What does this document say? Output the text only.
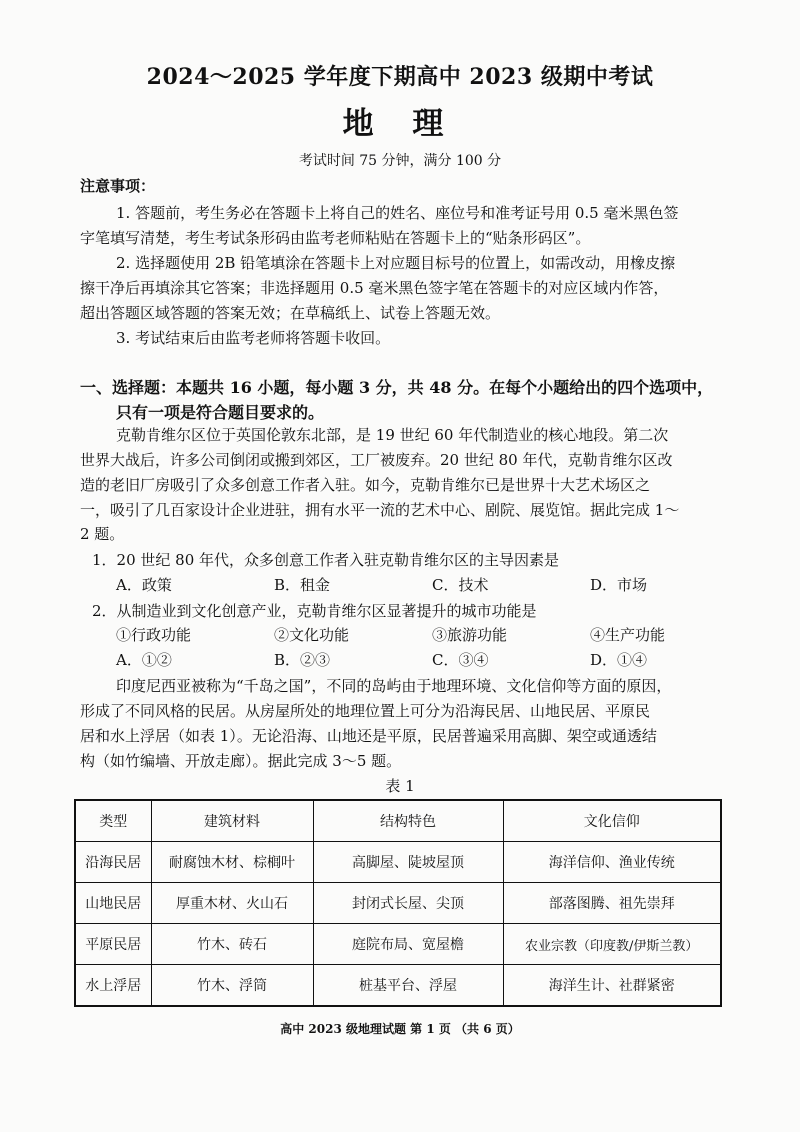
2024～2025 学年度下期高中 2023 级期中考试
地 理
考试时间 75 分钟，满分 100 分
注意事项：
1. 答题前，考生务必在答题卡上将自己的姓名、座位号和准考证号用 0.5 毫米黑色签
字笔填写清楚，考生考试条形码由监考老师粘贴在答题卡上的“贴条形码区”。
2. 选择题使用 2B 铅笔填涂在答题卡上对应题目标号的位置上，如需改动，用橡皮擦
擦干净后再填涂其它答案；非选择题用 0.5 毫米黑色签字笔在答题卡的对应区域内作答，
超出答题区域答题的答案无效；在草稿纸上、试卷上答题无效。
3. 考试结束后由监考老师将答题卡收回。
一、选择题：本题共 16 小题，每小题 3 分，共 48 分。在每个小题给出的四个选项中，
只有一项是符合题目要求的。
克勒肯维尔区位于英国伦敦东北部，是 19 世纪 60 年代制造业的核心地段。第二次
世界大战后，许多公司倒闭或搬到郊区，工厂被废弃。20 世纪 80 年代，克勒肯维尔区改
造的老旧厂房吸引了众多创意工作者入驻。如今，克勒肯维尔已是世界十大艺术场区之
一，吸引了几百家设计企业进驻，拥有水平一流的艺术中心、剧院、展览馆。据此完成 1～
2 题。
1．20 世纪 80 年代，众多创意工作者入驻克勒肯维尔区的主导因素是
A．政策	B．租金	C．技术	D．市场
2．从制造业到文化创意产业，克勒肯维尔区显著提升的城市功能是
①行政功能	②文化功能	③旅游功能	④生产功能
A．①②	B．②③	C．③④	D．①④
印度尼西亚被称为“千岛之国”，不同的岛屿由于地理环境、文化信仰等方面的原因，
形成了不同风格的民居。从房屋所处的地理位置上可分为沿海民居、山地民居、平原民
居和水上浮居（如表 1）。无论沿海、山地还是平原，民居普遍采用高脚、架空或通透结
构（如竹编墙、开放走廊）。据此完成 3～5 题。
表 1
类型	建筑材料	结构特色	文化信仰
沿海民居	耐腐蚀木材、棕榈叶	高脚屋、陡坡屋顶	海洋信仰、渔业传统
山地民居	厚重木材、火山石	封闭式长屋、尖顶	部落图腾、祖先崇拜
平原民居	竹木、砖石	庭院布局、宽屋檐	农业宗教（印度教/伊斯兰教）
水上浮居	竹木、浮筒	桩基平台、浮屋	海洋生计、社群紧密
高中 2023 级地理试题 第 1 页 （共 6 页）
